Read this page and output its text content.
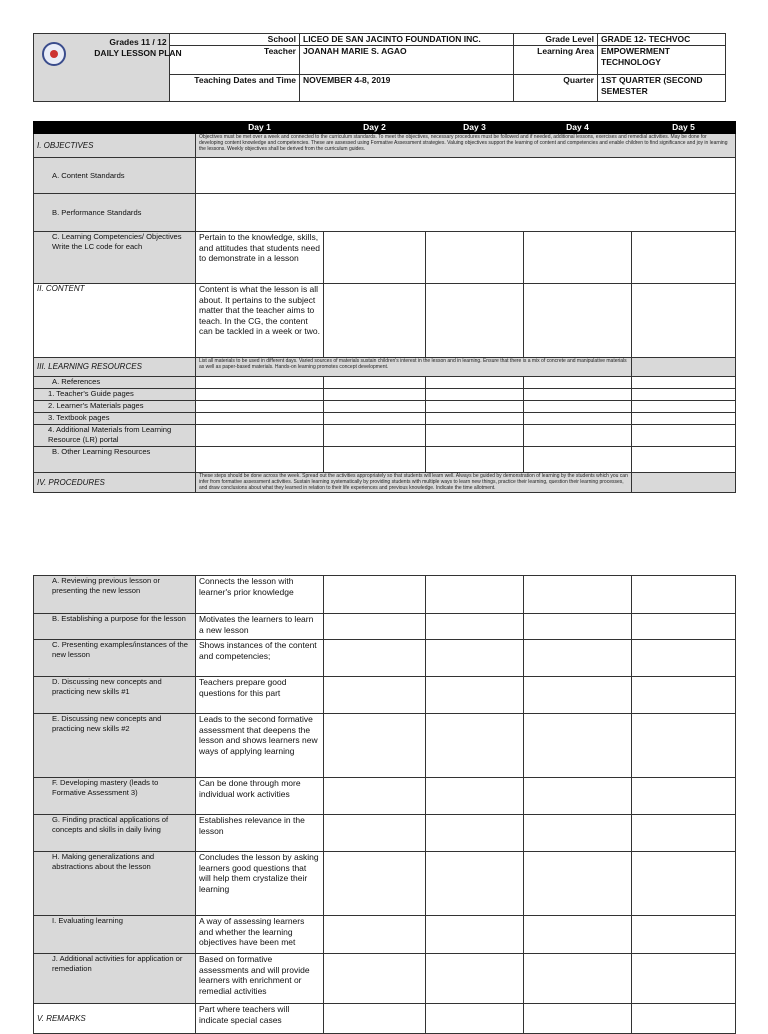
Grades 11 / 12
DAILY LESSON PLAN	School	LICEO DE SAN JACINTO FOUNDATION INC.	Grade Level	GRADE 12- TECHVOC
	Teacher	JOANAH MARIE S. AGAO	Learning Area	EMPOWERMENT TECHNOLOGY
	Teaching Dates and Time	NOVEMBER 4-8, 2019	Quarter	1ST QUARTER (SECOND SEMESTER
	Day 1	Day 2	Day 3	Day 4	Day 5
I. OBJECTIVES	Objectives must be met over a week and connected to the curriculum standards. To meet the objectives, necessary procedures must be followed and if needed, additional lessons, exercises and remedial activities. May be done for developing content knowledge and competencies. These are assessed using Formative Assessment strategies. Valuing objectives support the learning of content and competencies and enable children to find significance and joy in learning the lessons. Weekly objectives shall be derived from the curriculum guides.				
A. Content Standards					
B. Performance Standards					
C. Learning Competencies/ Objectives
Write the LC code for each	Pertain to the knowledge, skills, and attitudes that students need to demonstrate in a lesson				
II. CONTENT	Content is what the lesson is all about. It pertains to the subject matter that the teacher aims to teach. In the CG, the content can be tackled in a week or two.				
III. LEARNING RESOURCES	List all materials to be used in different days. Varied sources of materials sustain children's interest in the lesson and in learning. Ensure that there is a mix of concrete and manipulative materials as well as paper-based materials. Hands-on learning promotes concept development.				
A. References					
1. Teacher's Guide pages					
2. Learner's Materials pages					
3. Textbook pages					
4. Additional Materials from Learning Resource (LR) portal					
B. Other Learning Resources					
IV. PROCEDURES	These steps should be done across the week. Spread out the activities appropriately so that students will learn well. Always be guided by demonstration of learning by the students which you can infer from formative assessment activities. Sustain learning systematically by providing students with multiple ways to learn new things, practice their learning, question their learning processes, and draw conclusions about what they learned in relation to their life experiences and previous knowledge. Indicate the time allotment.				
A. Reviewing previous lesson or presenting the new lesson	Connects the lesson with learner's prior knowledge				
B. Establishing a purpose for the lesson	Motivates the learners to learn a new lesson				
C. Presenting examples/instances of the new lesson	Shows instances of the content and competencies;				
D. Discussing new concepts and practicing new skills #1	Teachers prepare good questions for this part				
E. Discussing new concepts and practicing new skills #2	Leads to the second formative assessment that deepens the lesson and shows learners new ways of applying learning				
F. Developing mastery (leads to Formative Assessment 3)	Can be done through more individual work activities				
G. Finding practical applications of concepts and skills in daily living	Establishes relevance in the lesson				
H. Making generalizations and abstractions about the lesson	Concludes the lesson by asking learners good questions that will help them crystalize their learning				
I. Evaluating learning	A way of assessing learners and whether the learning objectives have been met				
J. Additional activities for application or remediation	Based on formative assessments and will provide learners with enrichment or remedial activities				
V. REMARKS	Part where teachers will indicate special cases				
